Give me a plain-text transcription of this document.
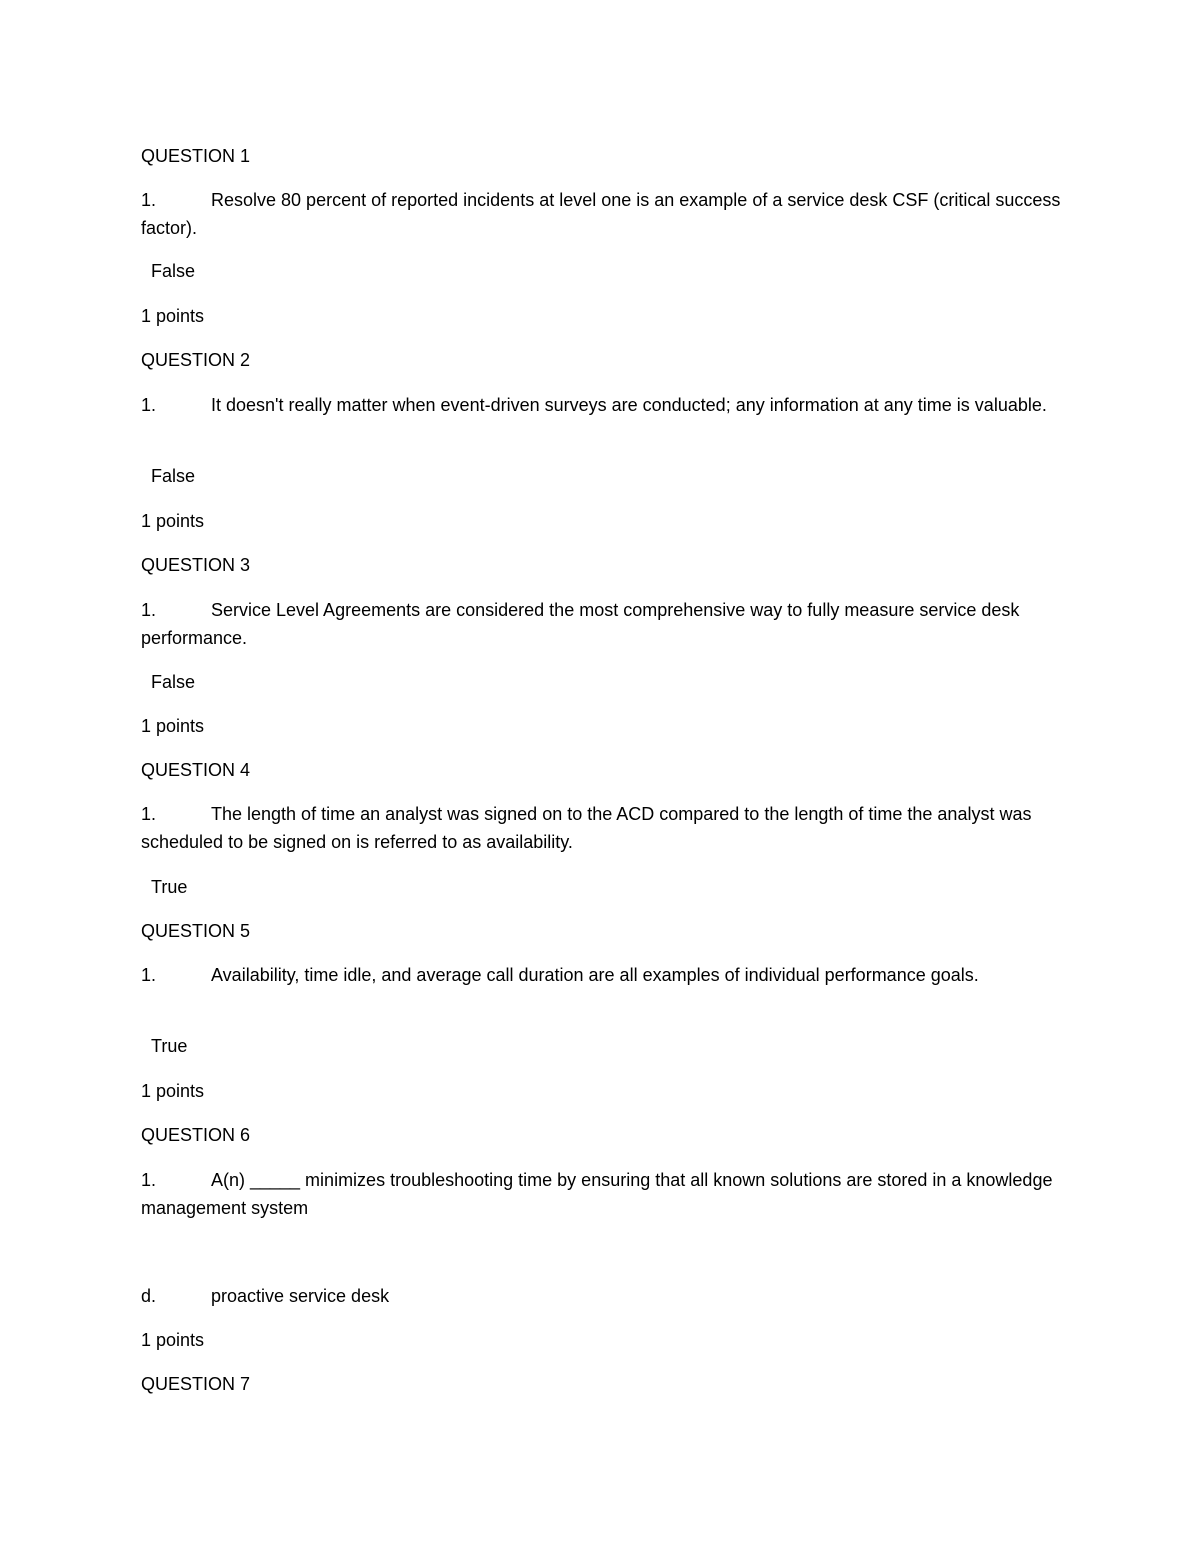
QUESTION 1

1.	Resolve 80 percent of reported incidents at level one is an example of a service desk CSF (critical success factor).

False

1 points

QUESTION 2

1.	It doesn't really matter when event-driven surveys are conducted; any information at any time is valuable.

False

1 points

QUESTION 3

1.	Service Level Agreements are considered the most comprehensive way to fully measure service desk performance.

False

1 points

QUESTION 4

1.	The length of time an analyst was signed on to the ACD compared to the length of time the analyst was scheduled to be signed on is referred to as availability.

True

QUESTION 5

1.	Availability, time idle, and average call duration are all examples of individual performance goals.

True

1 points

QUESTION 6

1.	A(n) _____ minimizes troubleshooting time by ensuring that all known solutions are stored in a knowledge management system

d.	proactive service desk

1 points

QUESTION 7
